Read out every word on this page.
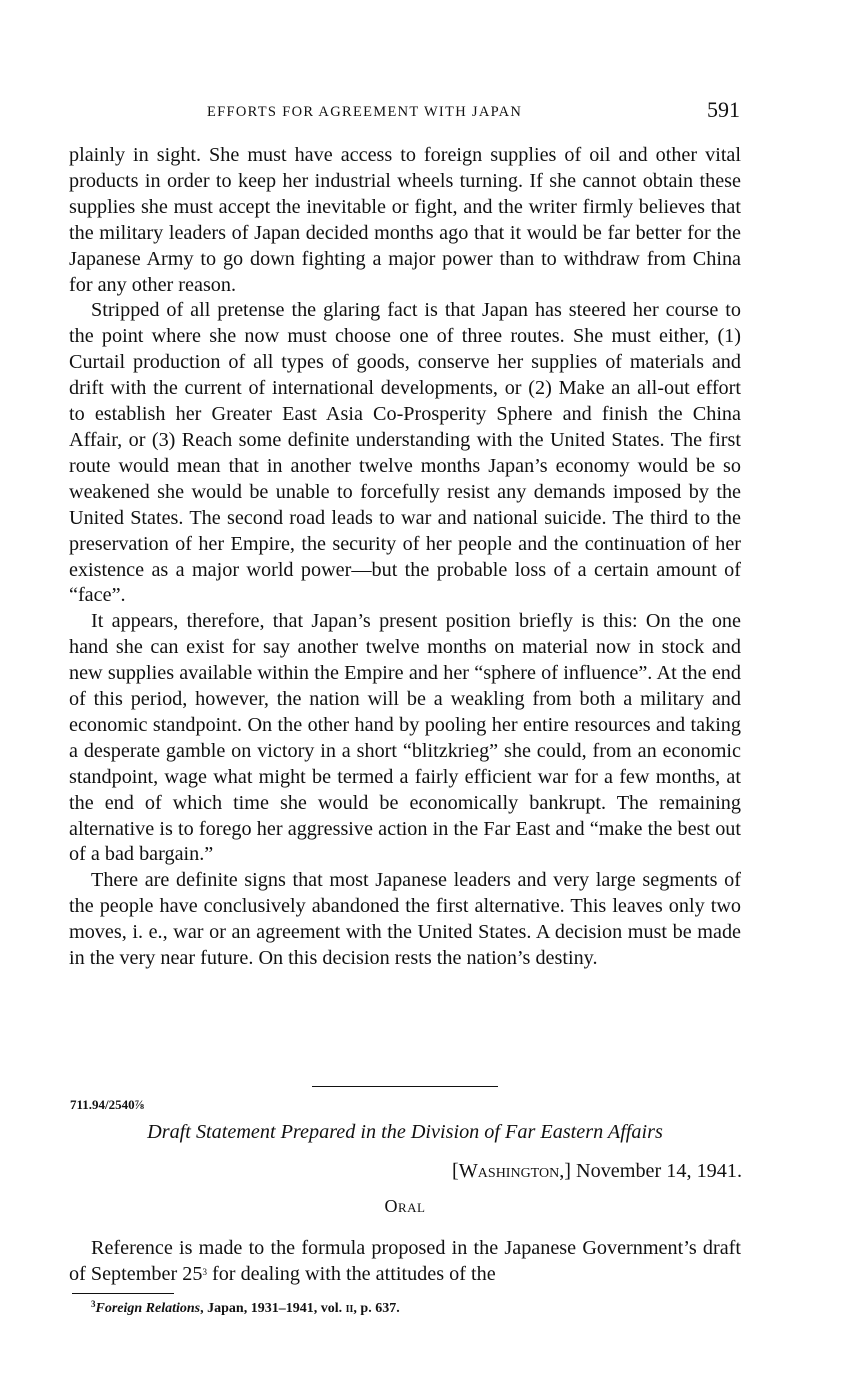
EFFORTS FOR AGREEMENT WITH JAPAN	591

plainly in sight. She must have access to foreign supplies of oil and other vital products in order to keep her industrial wheels turning. If she cannot obtain these supplies she must accept the inevitable or fight, and the writer firmly believes that the military leaders of Japan decided months ago that it would be far better for the Japanese Army to go down fighting a major power than to withdraw from China for any other reason.

Stripped of all pretense the glaring fact is that Japan has steered her course to the point where she now must choose one of three routes. She must either, (1) Curtail production of all types of goods, conserve her supplies of materials and drift with the current of international developments, or (2) Make an all-out effort to establish her Greater East Asia Co-Prosperity Sphere and finish the China Affair, or (3) Reach some definite understanding with the United States. The first route would mean that in another twelve months Japan’s economy would be so weakened she would be unable to forcefully resist any demands imposed by the United States. The second road leads to war and national suicide. The third to the preservation of her Empire, the security of her people and the continuation of her existence as a major world power—but the probable loss of a certain amount of “face”.

It appears, therefore, that Japan’s present position briefly is this: On the one hand she can exist for say another twelve months on material now in stock and new supplies available within the Empire and her “sphere of influence”. At the end of this period, however, the nation will be a weakling from both a military and economic standpoint. On the other hand by pooling her entire resources and taking a desperate gamble on victory in a short “blitzkrieg” she could, from an economic standpoint, wage what might be termed a fairly efficient war for a few months, at the end of which time she would be economically bankrupt. The remaining alternative is to forego her aggressive action in the Far East and “make the best out of a bad bargain.”

There are definite signs that most Japanese leaders and very large segments of the people have conclusively abandoned the first alternative. This leaves only two moves, i. e., war or an agreement with the United States. A decision must be made in the very near future. On this decision rests the nation’s destiny.

711.94/2540⅞
Draft Statement Prepared in the Division of Far Eastern Affairs
[Washington,] November 14, 1941.
Oral

Reference is made to the formula proposed in the Japanese Government’s draft of September $25^3$ for dealing with the attitudes of the

$^3$Foreign Relations, Japan, 1931–1941, vol. ii, p. 637.
